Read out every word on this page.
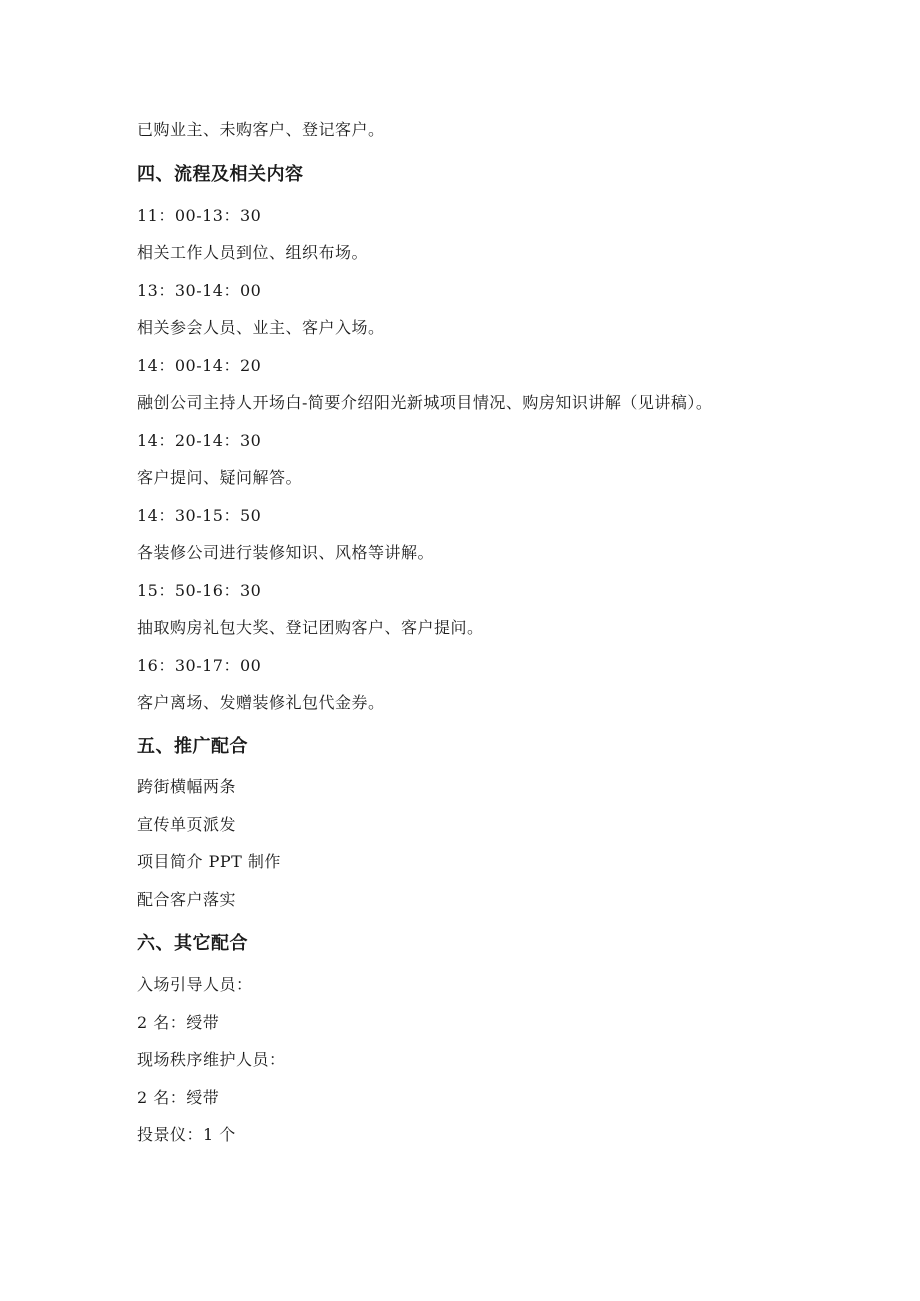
已购业主、未购客户、登记客户。
四、流程及相关内容
11：00-13：30
相关工作人员到位、组织布场。
13：30-14：00
相关参会人员、业主、客户入场。
14：00-14：20
融创公司主持人开场白-简要介绍阳光新城项目情况、购房知识讲解（见讲稿）。
14：20-14：30
客户提问、疑问解答。
14：30-15：50
各装修公司进行装修知识、风格等讲解。
15：50-16：30
抽取购房礼包大奖、登记团购客户、客户提问。
16：30-17：00
客户离场、发赠装修礼包代金券。
五、推广配合
跨街横幅两条
宣传单页派发
项目简介 PPT 制作
配合客户落实
六、其它配合
入场引导人员：
2 名：绶带
现场秩序维护人员：
2 名：绶带
投景仪：1 个
